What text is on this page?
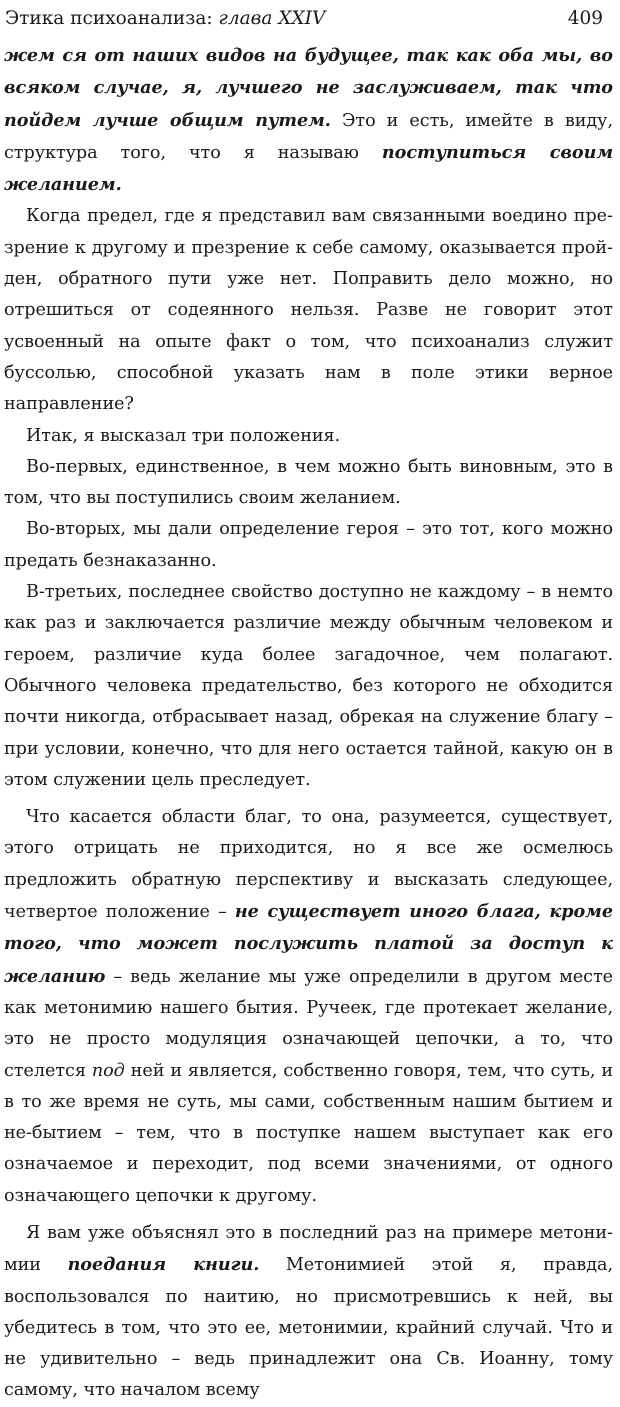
Этика психоанализа: глава XXIV	409

жем ся от наших видов на будущее, так как оба мы, во всяком случае, я, лучшего не заслуживаем, так что пойдем лучше общим путем. Это и есть, имейте в виду, структура того, что я называю поступиться своим желанием.

Когда предел, где я представил вам связанными воедино презрение к другому и презрение к себе самому, оказывается пройден, обратного пути уже нет. Поправить дело можно, но отрешиться от содеянного нельзя. Разве не говорит этот усвоенный на опыте факт о том, что психоанализ служит буссолью, способной указать нам в поле этики верное направление?

Итак, я высказал три положения.

Во-первых, единственное, в чем можно быть виновным, это в том, что вы поступились своим желанием.

Во-вторых, мы дали определение героя – это тот, кого можно предать безнаказанно.

В-третьих, последнее свойство доступно не каждому – в немто как раз и заключается различие между обычным человеком и героем, различие куда более загадочное, чем полагают. Обычного человека предательство, без которого не обходится почти никогда, отбрасывает назад, обрекая на служение благу – при условии, конечно, что для него остается тайной, какую он в этом служении цель преследует.

Что касается области благ, то она, разумеется, существует, этого отрицать не приходится, но я все же осмелюсь предложить обратную перспективу и высказать следующее, четвертое положение – не существует иного блага, кроме того, что может послужить платой за доступ к желанию – ведь желание мы уже определили в другом месте как метонимию нашего бытия. Ручеек, где протекает желание, это не просто модуляция означающей цепочки, а то, что стелется под ней и является, собственно говоря, тем, что суть, и в то же время не суть, мы сами, собственным нашим бытием и не-бытием – тем, что в поступке нашем выступает как его означаемое и переходит, под всеми значениями, от одного означающего цепочки к другому.

Я вам уже объяснял это в последний раз на примере метонимии поедания книги. Метонимией этой я, правда, воспользовался по наитию, но присмотревшись к ней, вы убедитесь в том, что это ее, метонимии, крайний случай. Что и не удивительно – ведь принадлежит она Св. Иоанну, тому самому, что началом всему
